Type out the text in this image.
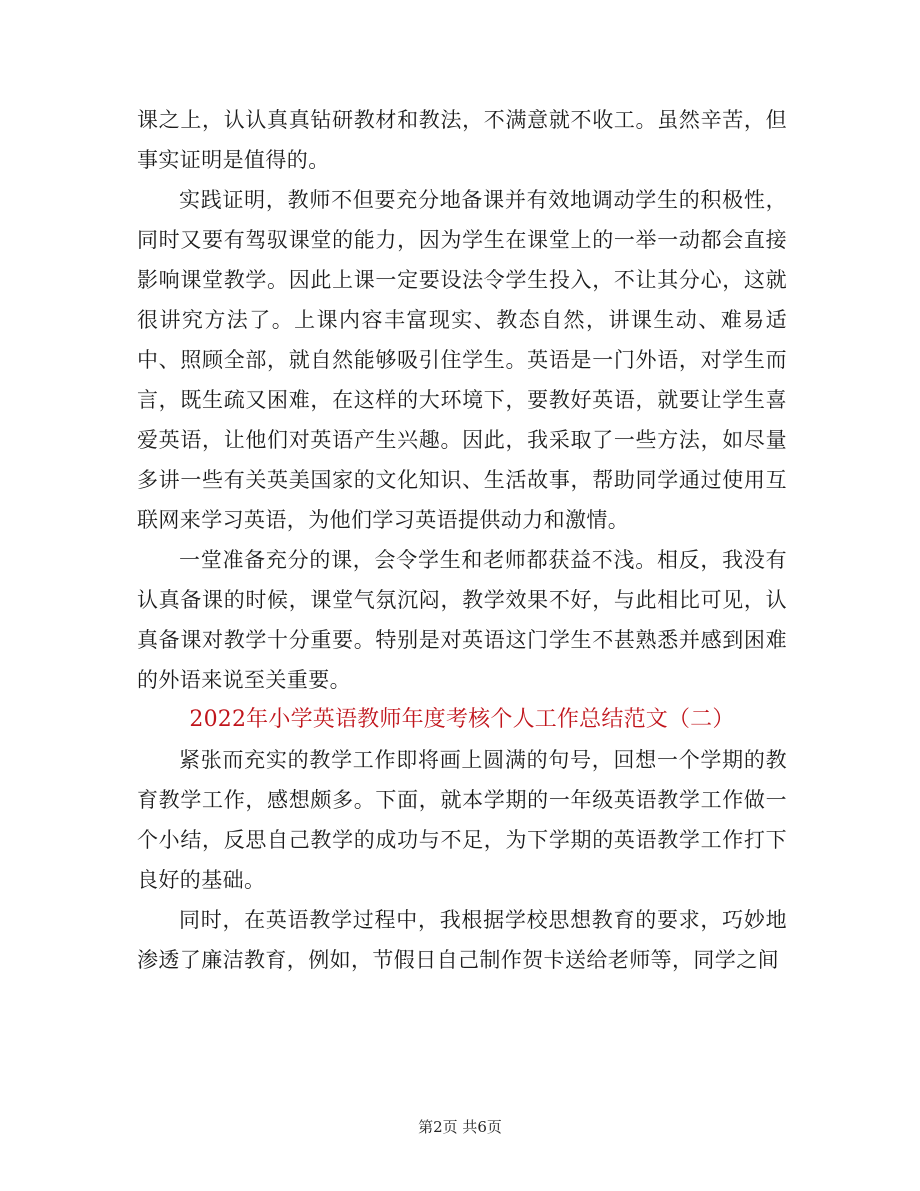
课之上，认认真真钻研教材和教法，不满意就不收工。虽然辛苦，但事实证明是值得的。

实践证明，教师不但要充分地备课并有效地调动学生的积极性，同时又要有驾驭课堂的能力，因为学生在课堂上的一举一动都会直接影响课堂教学。因此上课一定要设法令学生投入，不让其分心，这就很讲究方法了。上课内容丰富现实、教态自然，讲课生动、难易适中、照顾全部，就自然能够吸引住学生。英语是一门外语，对学生而言，既生疏又困难，在这样的大环境下，要教好英语，就要让学生喜爱英语，让他们对英语产生兴趣。因此，我采取了一些方法，如尽量多讲一些有关英美国家的文化知识、生活故事，帮助同学通过使用互联网来学习英语，为他们学习英语提供动力和激情。

一堂准备充分的课，会令学生和老师都获益不浅。相反，我没有认真备课的时候，课堂气氛沉闷，教学效果不好，与此相比可见，认真备课对教学十分重要。特别是对英语这门学生不甚熟悉并感到困难的外语来说至关重要。

2022年小学英语教师年度考核个人工作总结范文（二）

紧张而充实的教学工作即将画上圆满的句号，回想一个学期的教育教学工作，感想颇多。下面，就本学期的一年级英语教学工作做一个小结，反思自己教学的成功与不足，为下学期的英语教学工作打下良好的基础。

同时，在英语教学过程中，我根据学校思想教育的要求，巧妙地渗透了廉洁教育，例如，节假日自己制作贺卡送给老师等，同学之间

第2页 共6页
